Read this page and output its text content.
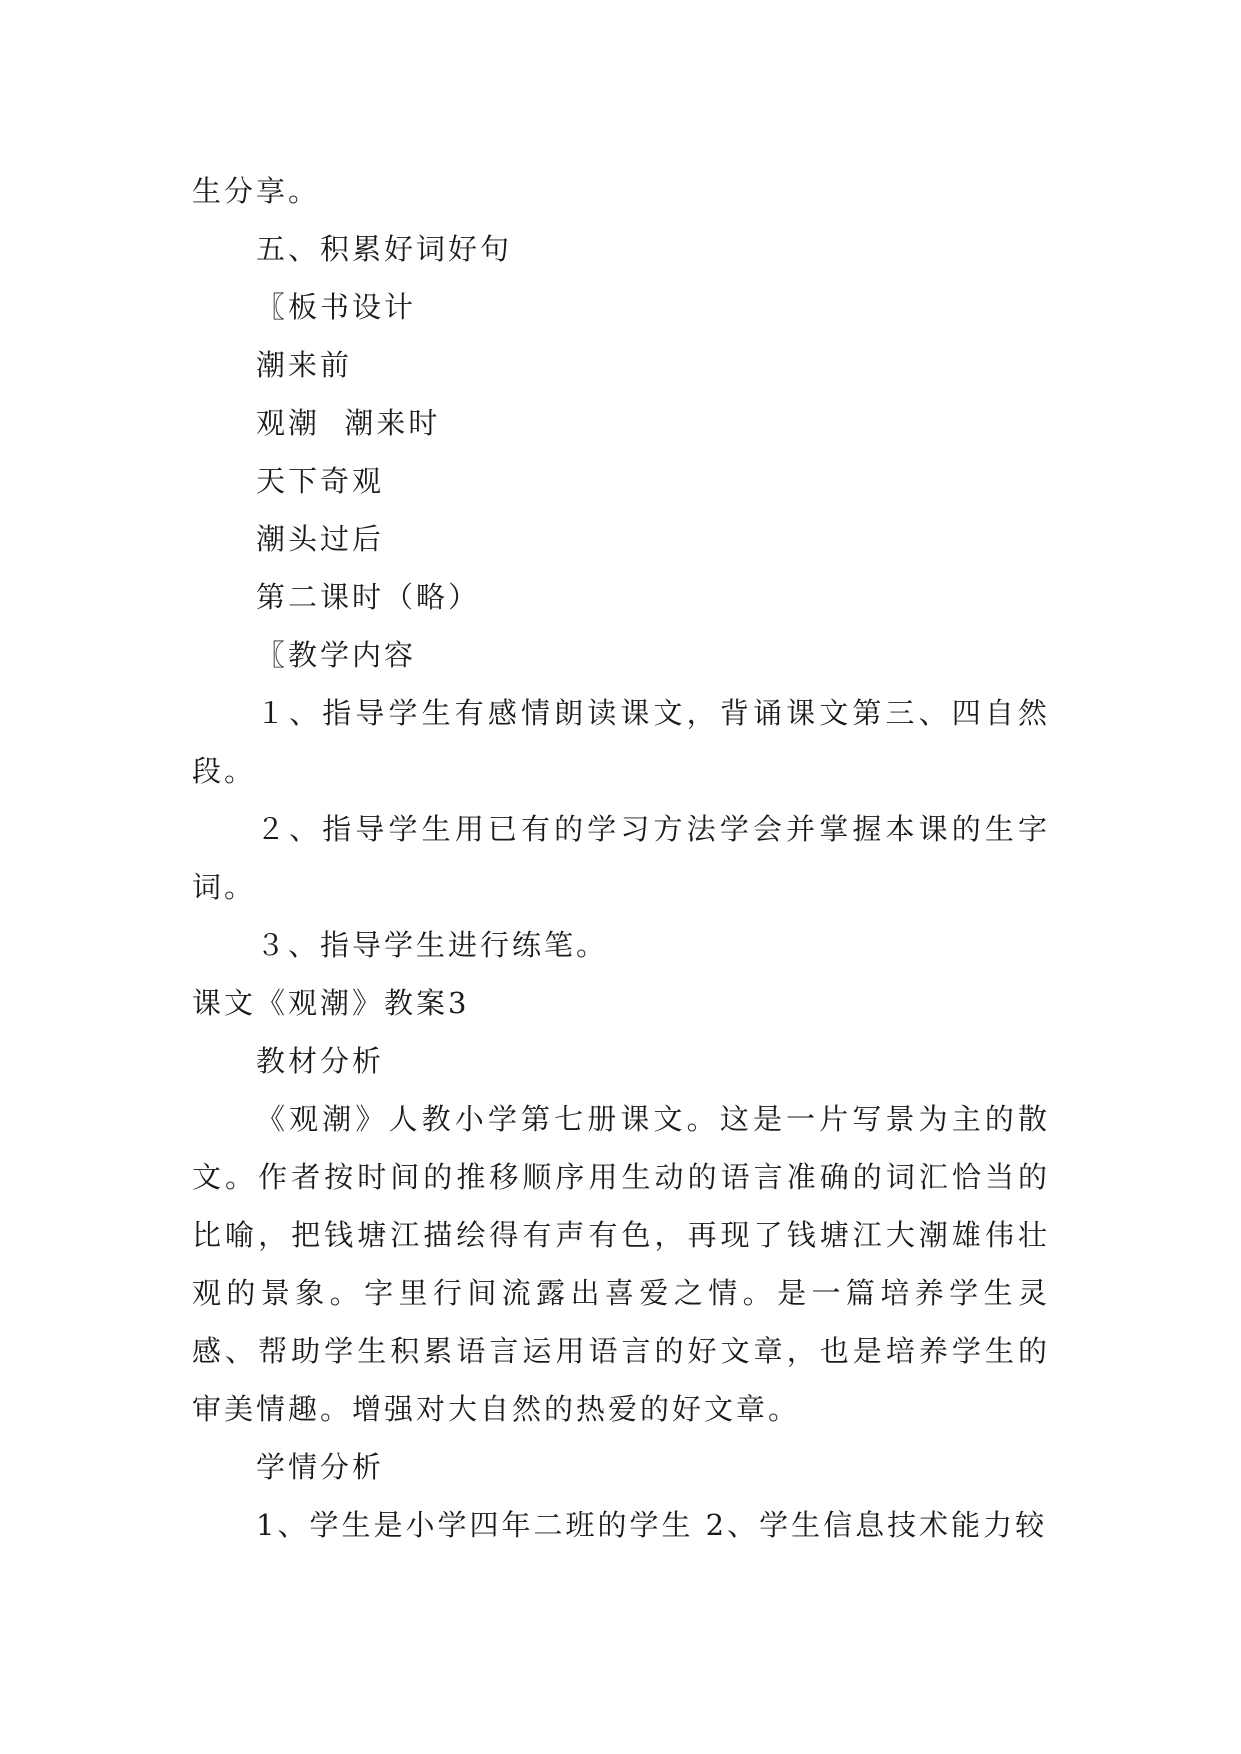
生分享。

五、积累好词好句

〖板书设计

潮来前

观潮  潮来时

天下奇观

潮头过后

第二课时（略）

〖教学内容

１、指导学生有感情朗读课文，背诵课文第三、四自然段。

２、指导学生用已有的学习方法学会并掌握本课的生字词。

３、指导学生进行练笔。

课文《观潮》教案3

教材分析

《观潮》人教小学第七册课文。这是一片写景为主的散文。作者按时间的推移顺序用生动的语言准确的词汇恰当的比喻，把钱塘江描绘得有声有色，再现了钱塘江大潮雄伟壮观的景象。字里行间流露出喜爱之情。是一篇培养学生灵感、帮助学生积累语言运用语言的好文章，也是培养学生的审美情趣。增强对大自然的热爱的好文章。

学情分析

1、学生是小学四年二班的学生 2、学生信息技术能力较
